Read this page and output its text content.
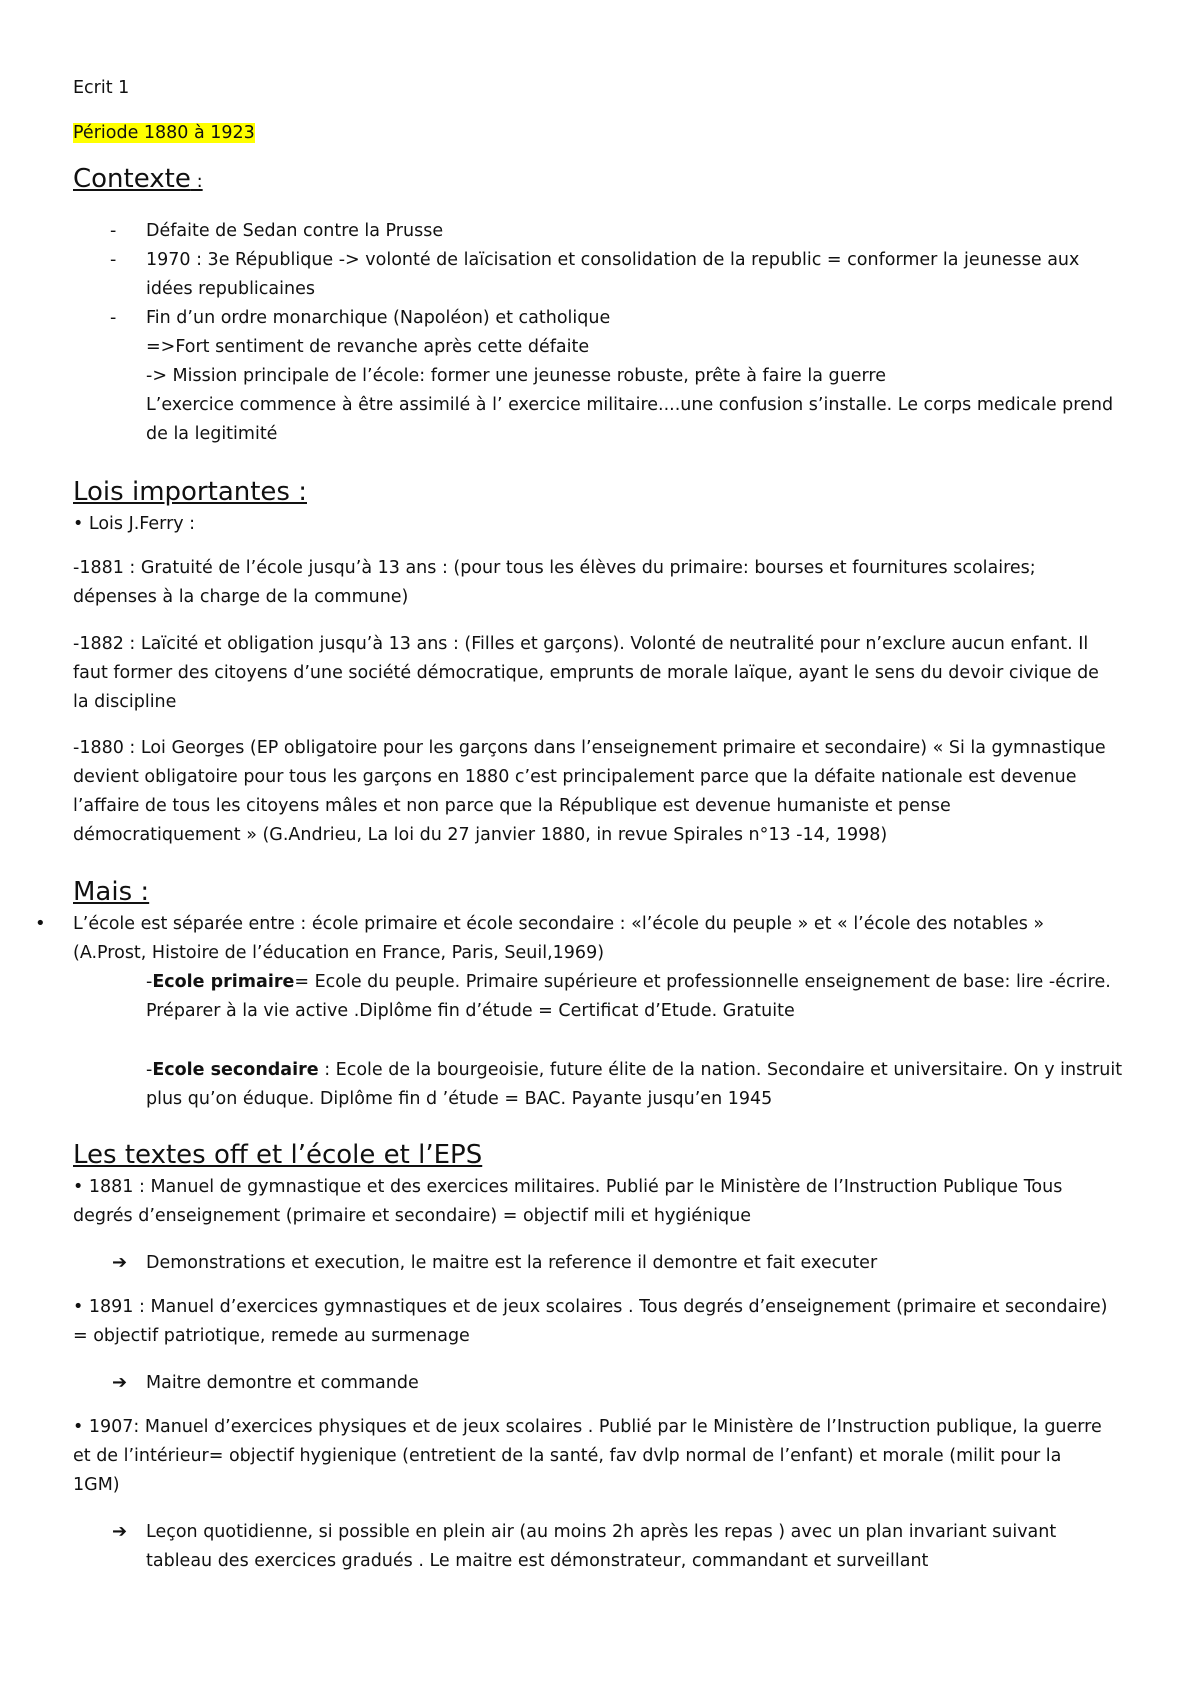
Ecrit 1
Période 1880 à 1923
Contexte :
- Défaite de Sedan contre la Prusse
- 1970 : 3e République -> volonté de laïcisation et consolidation de la republic = conformer la jeunesse aux
idées republicaines
- Fin d’un ordre monarchique (Napoléon) et catholique
=>Fort sentiment de revanche après cette défaite
-> Mission principale de l’école: former une jeunesse robuste, prête à faire la guerre
L’exercice commence à être assimilé à l’ exercice militaire....une confusion s’installe. Le corps medicale prend
de la legitimité
Lois importantes :
• Lois J.Ferry :
-1881 : Gratuité de l’école jusqu’à 13 ans : (pour tous les élèves du primaire: bourses et fournitures scolaires;
dépenses à la charge de la commune)
-1882 : Laïcité et obligation jusqu’à 13 ans : (Filles et garçons). Volonté de neutralité pour n’exclure aucun enfant. Il
faut former des citoyens d’une société démocratique, emprunts de morale laïque, ayant le sens du devoir civique de
la discipline
-1880 : Loi Georges (EP obligatoire pour les garçons dans l’enseignement primaire et secondaire) « Si la gymnastique
devient obligatoire pour tous les garçons en 1880 c’est principalement parce que la défaite nationale est devenue
l’affaire de tous les citoyens mâles et non parce que la République est devenue humaniste et pense
démocratiquement » (G.Andrieu, La loi du 27 janvier 1880, in revue Spirales n°13 -14, 1998)
Mais :
• L’école est séparée entre : école primaire et école secondaire : «l’école du peuple » et « l’école des notables »
(A.Prost, Histoire de l’éducation en France, Paris, Seuil,1969)
-Ecole primaire= Ecole du peuple. Primaire supérieure et professionnelle enseignement de base: lire -écrire.
Préparer à la vie active .Diplôme fin d’étude = Certificat d’Etude. Gratuite
-Ecole secondaire : Ecole de la bourgeoisie, future élite de la nation. Secondaire et universitaire. On y instruit
plus qu’on éduque. Diplôme fin d ’étude = BAC. Payante jusqu’en 1945
Les textes off et l’école et l’EPS
• 1881 : Manuel de gymnastique et des exercices militaires. Publié par le Ministère de l’Instruction Publique Tous
degrés d’enseignement (primaire et secondaire) = objectif mili et hygiénique
➔ Demonstrations et execution, le maitre est la reference il demontre et fait executer
• 1891 : Manuel d’exercices gymnastiques et de jeux scolaires . Tous degrés d’enseignement (primaire et secondaire)
= objectif patriotique, remede au surmenage
➔ Maitre demontre et commande
• 1907: Manuel d’exercices physiques et de jeux scolaires . Publié par le Ministère de l’Instruction publique, la guerre
et de l’intérieur= objectif hygienique (entretient de la santé, fav dvlp normal de l’enfant) et morale (milit pour la
1GM)
➔ Leçon quotidienne, si possible en plein air (au moins 2h après les repas ) avec un plan invariant suivant
tableau des exercices gradués . Le maitre est démonstrateur, commandant et surveillant
